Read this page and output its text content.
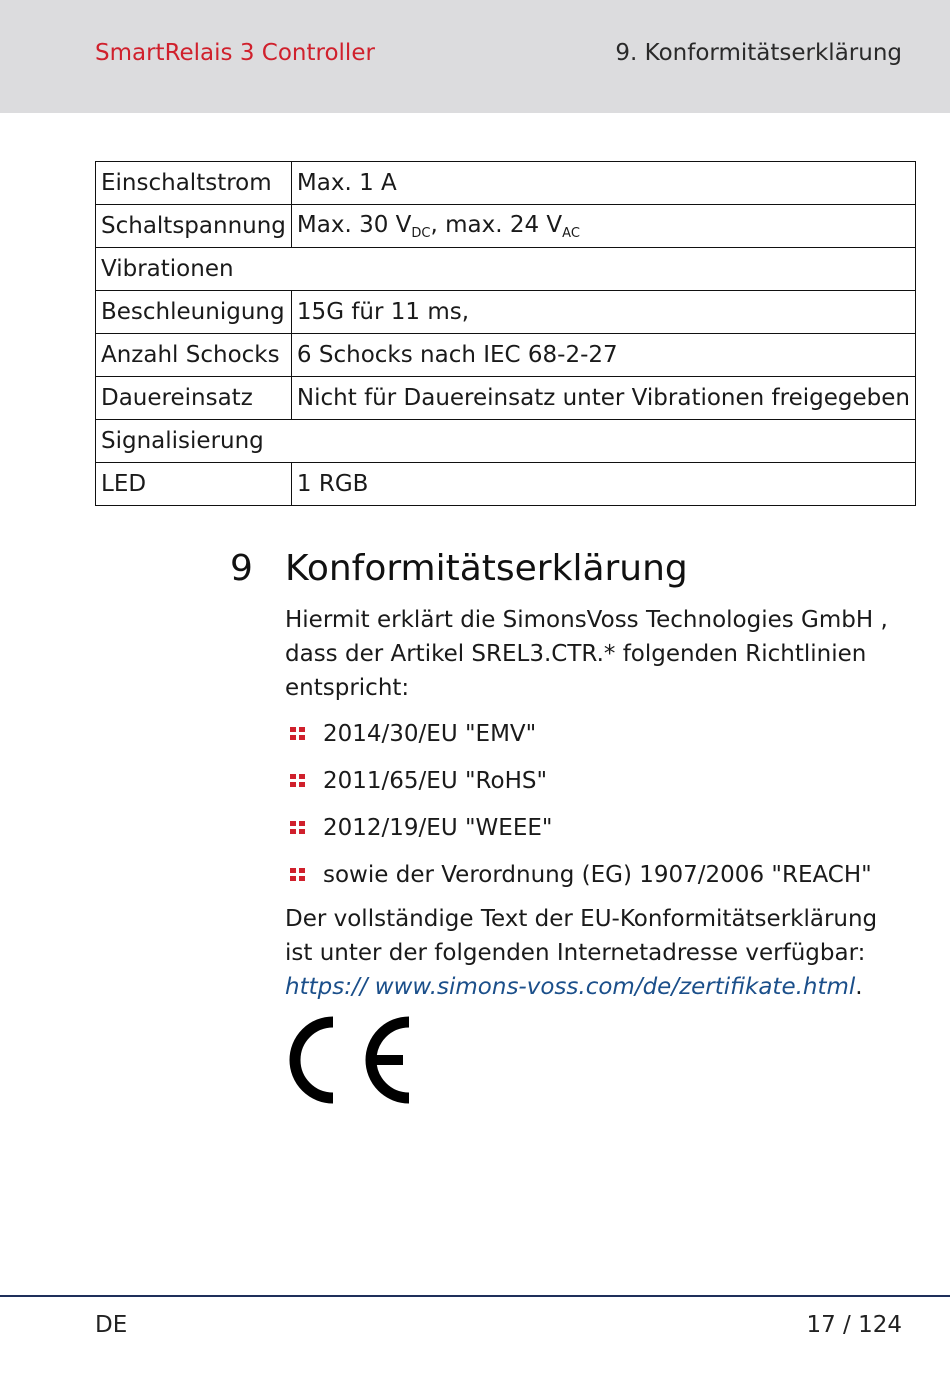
SmartRelais 3 Controller	9. Konformitätserklärung
Einschaltstrom	Max. 1 A
Schaltspannung	Max. 30 $V_{DC}$, max. 24 $V_{AC}$
Vibrationen	
Beschleunigung	15G für 11 ms,
Anzahl Schocks	6 Schocks nach IEC 68-2-27
Dauereinsatz	Nicht für Dauereinsatz unter Vibrationen freigegeben
Signalisierung	
LED	1 RGB
9 Konformitätserklärung

Hiermit erklärt die SimonsVoss Technologies GmbH , dass der Artikel SREL3.CTR.* folgenden Richtlinien entspricht:

2014/30/EU "EMV"
2011/65/EU "RoHS"
2012/19/EU "WEEE"
sowie der Verordnung (EG) 1907/2006 "REACH"

Der vollständige Text der EU-Konformitätserklärung ist unter der folgenden Internetadresse verfügbar: https:// www.simons-voss.com/de/zertifikate.html.

DE	17 / 124
